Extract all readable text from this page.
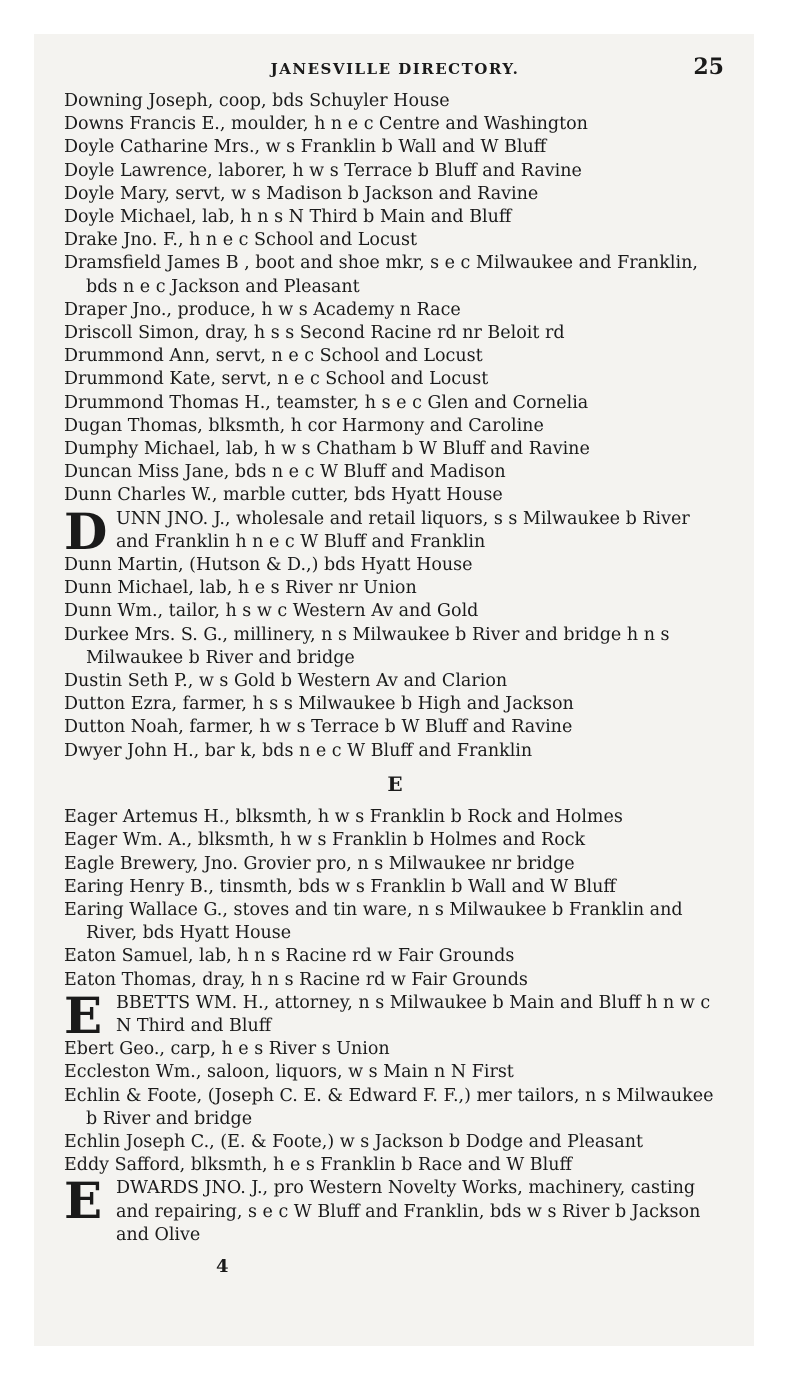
JANESVILLE DIRECTORY.	25
Downing Joseph, coop, bds Schuyler House
Downs Francis E., moulder, h n e c Centre and Washington
Doyle Catharine Mrs., w s Franklin b Wall and W Bluff
Doyle Lawrence, laborer, h w s Terrace b Bluff and Ravine
Doyle Mary, servt, w s Madison b Jackson and Ravine
Doyle Michael, lab, h n s N Third b Main and Bluff
Drake Jno. F., h n e c School and Locust
Dramsfield James B , boot and shoe mkr, s e c Milwaukee and Franklin, bds n e c Jackson and Pleasant
Draper Jno., produce, h w s Academy n Race
Driscoll Simon, dray, h s s Second Racine rd nr Beloit rd
Drummond Ann, servt, n e c School and Locust
Drummond Kate, servt, n e c School and Locust
Drummond Thomas H., teamster, h s e c Glen and Cornelia
Dugan Thomas, blksmth, h cor Harmony and Caroline
Dumphy Michael, lab, h w s Chatham b W Bluff and Ravine
Duncan Miss Jane, bds n e c W Bluff and Madison
Dunn Charles W., marble cutter, bds Hyatt House
D UNN JNO. J., wholesale and retail liquors, s s Milwaukee b River and Franklin h n e c W Bluff and Franklin
Dunn Martin, (Hutson & D.,) bds Hyatt House
Dunn Michael, lab, h e s River nr Union
Dunn Wm., tailor, h s w c Western Av and Gold
Durkee Mrs. S. G., millinery, n s Milwaukee b River and bridge h n s Milwaukee b River and bridge
Dustin Seth P., w s Gold b Western Av and Clarion
Dutton Ezra, farmer, h s s Milwaukee b High and Jackson
Dutton Noah, farmer, h w s Terrace b W Bluff and Ravine
Dwyer John H., bar k, bds n e c W Bluff and Franklin
E
Eager Artemus H., blksmth, h w s Franklin b Rock and Holmes
Eager Wm. A., blksmth, h w s Franklin b Holmes and Rock
Eagle Brewery, Jno. Grovier pro, n s Milwaukee nr bridge
Earing Henry B., tinsmth, bds w s Franklin b Wall and W Bluff
Earing Wallace G., stoves and tin ware, n s Milwaukee b Franklin and River, bds Hyatt House
Eaton Samuel, lab, h n s Racine rd w Fair Grounds
Eaton Thomas, dray, h n s Racine rd w Fair Grounds
E BBETTS WM. H., attorney, n s Milwaukee b Main and Bluff h n w c N Third and Bluff
Ebert Geo., carp, h e s River s Union
Eccleston Wm., saloon, liquors, w s Main n N First
Echlin & Foote, (Joseph C. E. & Edward F. F.,) mer tailors, n s Milwaukee b River and bridge
Echlin Joseph C., (E. & Foote,) w s Jackson b Dodge and Pleasant
Eddy Safford, blksmth, h e s Franklin b Race and W Bluff
E DWARDS JNO. J., pro Western Novelty Works, machinery, casting and repairing, s e c W Bluff and Franklin, bds w s River b Jackson and Olive
4
